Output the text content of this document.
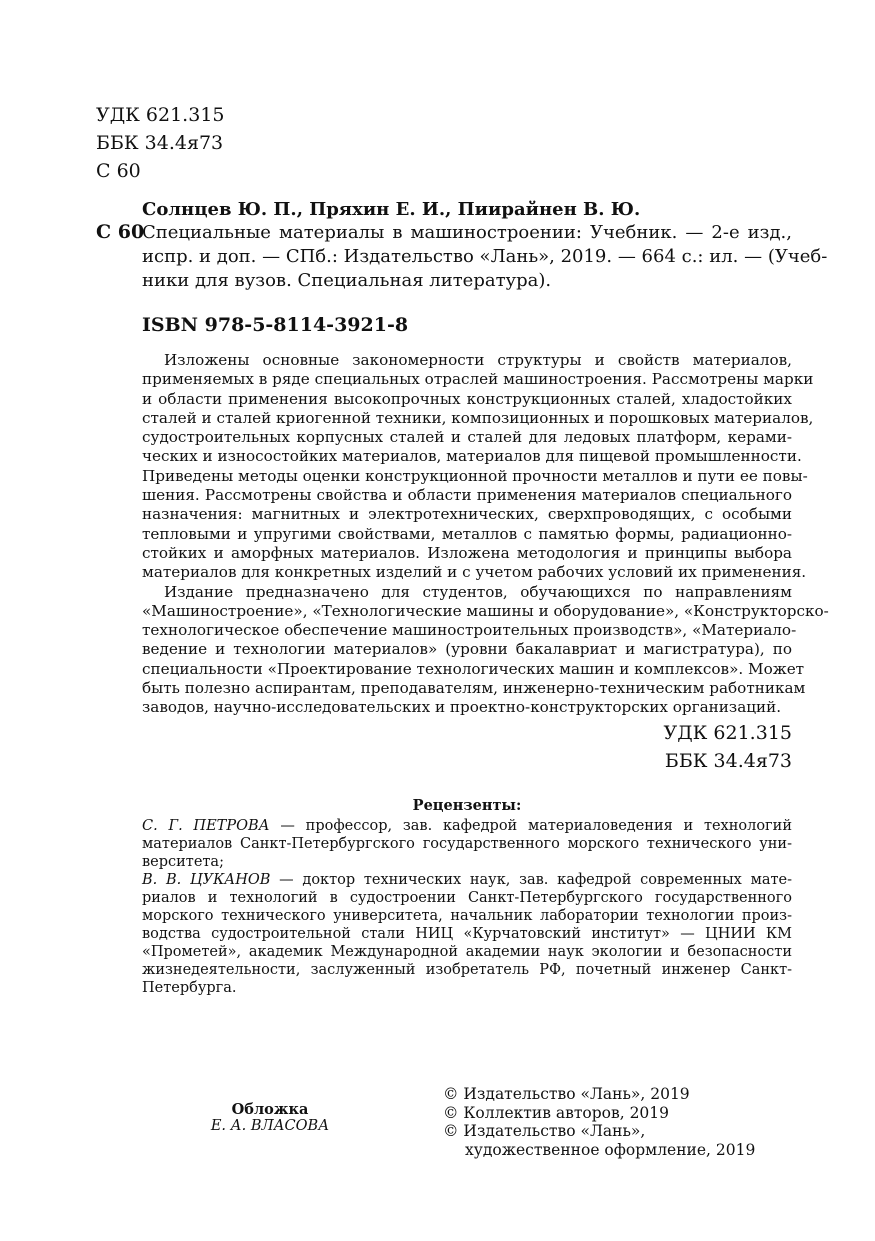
УДК 621.315
ББК 34.4я73
С 60
Солнцев Ю. П., Пряхин Е. И., Пиирайнен В. Ю.
С 60
Специальные материалы в машиностроении: Учебник. — 2-е изд.,
испр. и доп. — СПб.: Издательство «Лань», 2019. — 664 с.: ил. — (Учеб-
ники для вузов. Специальная литература).
ISBN 978-5-8114-3921-8
Изложены основные закономерности структуры и свойств материалов,
применяемых в ряде специальных отраслей машиностроения. Рассмотрены марки
и области применения высокопрочных конструкционных сталей, хладостойких
сталей и сталей криогенной техники, композиционных и порошковых материалов,
судостроительных корпусных сталей и сталей для ледовых платформ, керами-
ческих и износостойких материалов, материалов для пищевой промышленности.
Приведены методы оценки конструкционной прочности металлов и пути ее повы-
шения. Рассмотрены свойства и области применения материалов специального
назначения: магнитных и электротехнических, сверхпроводящих, с особыми
тепловыми и упругими свойствами, металлов с памятью формы, радиационно-
стойких и аморфных материалов. Изложена методология и принципы выбора
материалов для конкретных изделий и с учетом рабочих условий их применения.
Издание предназначено для студентов, обучающихся по направлениям
«Машиностроение», «Технологические машины и оборудование», «Конструкторско-
технологическое обеспечение машиностроительных производств», «Материало-
ведение и технологии материалов» (уровни бакалавриат и магистратура), по
специальности «Проектирование технологических машин и комплексов». Может
быть полезно аспирантам, преподавателям, инженерно-техническим работникам
заводов, научно-исследовательских и проектно-конструкторских организаций.
УДК 621.315
ББК 34.4я73
Рецензенты:
С. Г. ПЕТРОВА — профессор, зав. кафедрой материаловедения и технологий
материалов Санкт-Петербургского государственного морского технического уни-
верситета;
В. В. ЦУКАНОВ — доктор технических наук, зав. кафедрой современных мате-
риалов и технологий в судостроении Санкт-Петербургского государственного
морского технического университета, начальник лаборатории технологии произ-
водства судостроительной стали НИЦ «Курчатовский институт» — ЦНИИ КМ
«Прометей», академик Международной академии наук экологии и безопасности
жизнедеятельности, заслуженный изобретатель РФ, почетный инженер Санкт-
Петербурга.
Обложка
Е. А. ВЛАСОВА
© Издательство «Лань», 2019
© Коллектив авторов, 2019
© Издательство «Лань»,
художественное оформление, 2019
